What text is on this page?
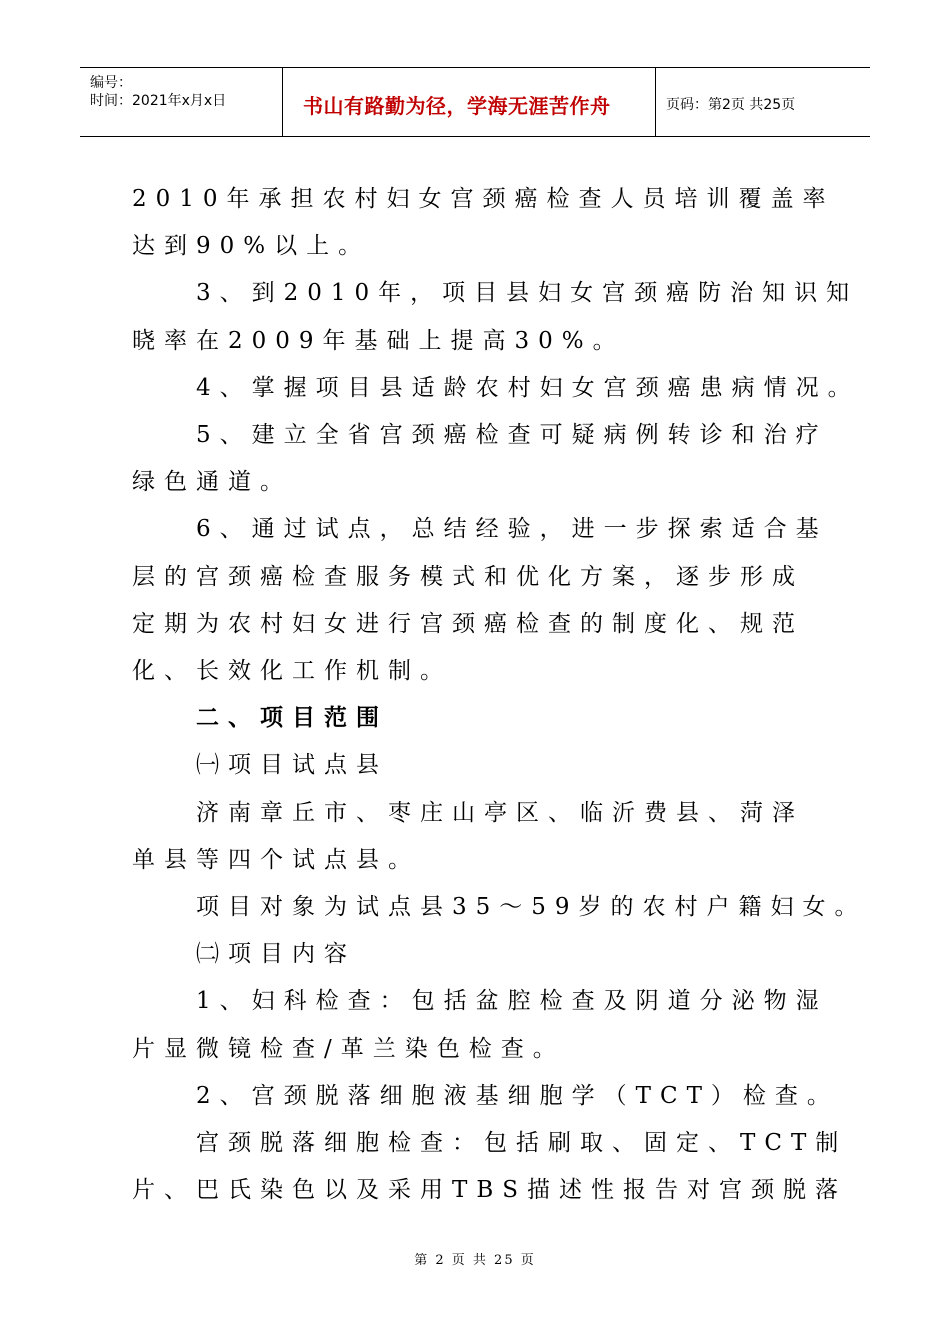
编号：
时间：2021年x月x日	书山有路勤为径，学海无涯苦作舟	页码：第2页 共25页
2010年承担农村妇女宫颈癌检查人员培训覆盖率
达到90%以上。
3、到2010年，项目县妇女宫颈癌防治知识知
晓率在2009年基础上提高30%。
4、掌握项目县适龄农村妇女宫颈癌患病情况。
5、建立全省宫颈癌检查可疑病例转诊和治疗
绿色通道。
6、通过试点，总结经验，进一步探索适合基
层的宫颈癌检查服务模式和优化方案，逐步形成
定期为农村妇女进行宫颈癌检查的制度化、规范
化、长效化工作机制。
二、项目范围
㈠项目试点县
济南章丘市、枣庄山亭区、临沂费县、菏泽
单县等四个试点县。
项目对象为试点县35～59岁的农村户籍妇女。
㈡项目内容
1、妇科检查：包括盆腔检查及阴道分泌物湿
片显微镜检查/革兰染色检查。
2、宫颈脱落细胞液基细胞学（TCT）检查。
宫颈脱落细胞检查：包括刷取、固定、TCT制
片、巴氏染色以及采用TBS描述性报告对宫颈脱落
第 2 页 共 25 页
